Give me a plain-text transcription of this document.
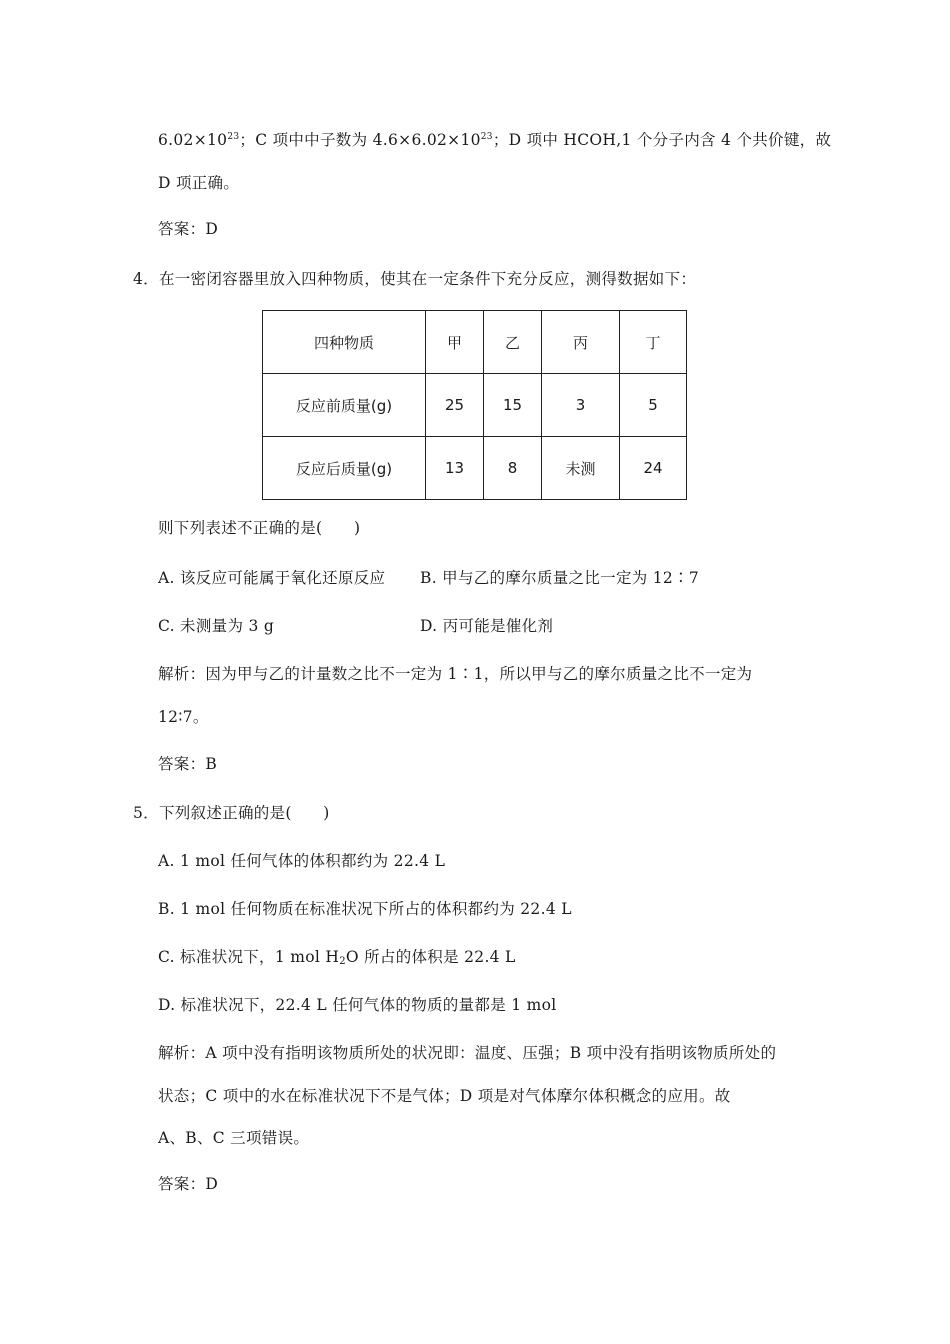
$6.02\times 10^{23}$；C 项中中子数为 $4.6\times 6.02\times 10^{23}$；D 项中 HCOH,1 个分子内含 4 个共价键，故
D 项正确。
答案：D
4．在一密闭容器里放入四种物质，使其在一定条件下充分反应，测得数据如下：
四种物质	甲	乙	丙	丁
反应前质量(g)	25	15	3	5
反应后质量(g)	13	8	未测	24
则下列表述不正确的是(　　)
A. 该反应可能属于氧化还原反应 B. 甲与乙的摩尔质量之比一定为 12∶7
C. 未测量为 3 g	D. 丙可能是催化剂
解析：因为甲与乙的计量数之比不一定为 1∶1，所以甲与乙的摩尔质量之比不一定为
12∶7。
答案：B
5．下列叙述正确的是(　　)
A. 1 mol 任何气体的体积都约为 22.4 L
B. 1 mol 任何物质在标准状况下所占的体积都约为 22.4 L
C. 标准状况下，1 mol $H_2O$ 所占的体积是 22.4 L
D. 标准状况下，22.4 L 任何气体的物质的量都是 1 mol
解析：A 项中没有指明该物质所处的状况即：温度、压强；B 项中没有指明该物质所处的
状态；C 项中的水在标准状况下不是气体；D 项是对气体摩尔体积概念的应用。故
A、B、C 三项错误。
答案：D
